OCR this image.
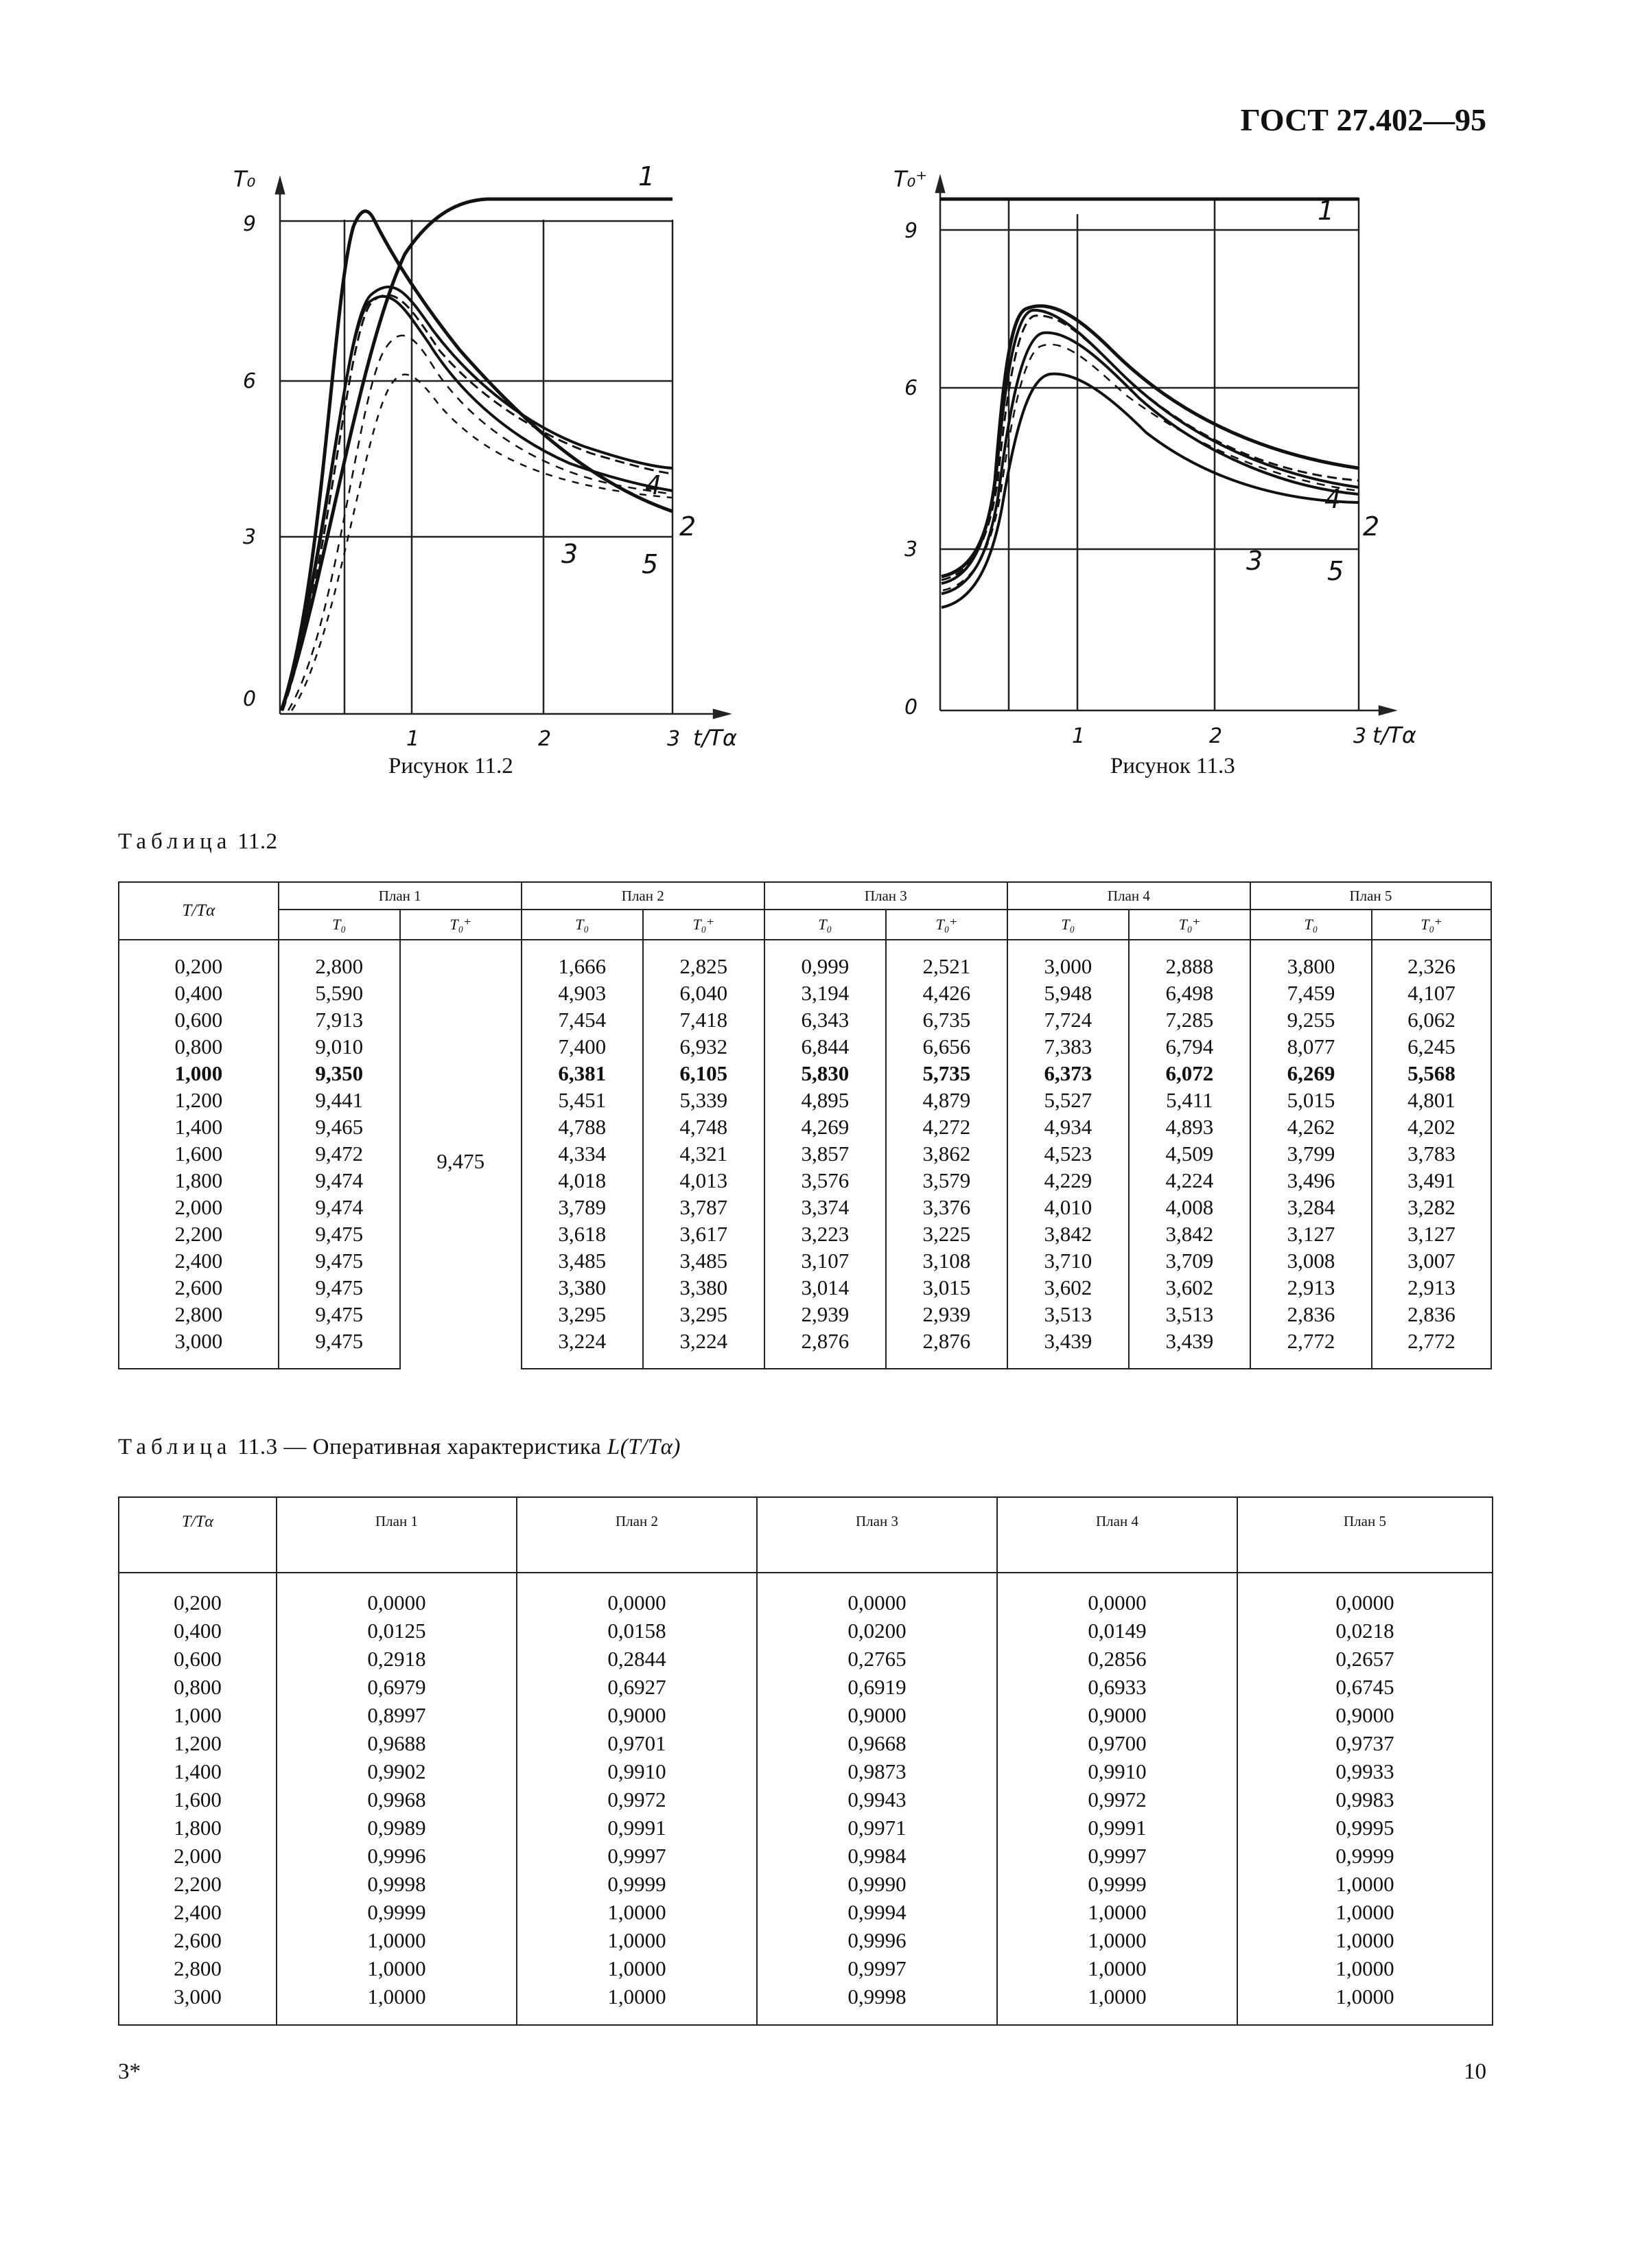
ГОСТ 27.402—95
T₀
9
6
3
0
1	2	3 t/Tα
1
2
3
4
5
Рисунок 11.2
T₀⁺
9
6
3
0
1	2	3 t/Tα
1
2
3
4
5
Рисунок 11.3
Таблица 11.2
T/Tα	План 1		План 2		План 3		План 4		План 5	
	T₀	T₀⁺	T₀	T₀⁺	T₀	T₀⁺	T₀	T₀⁺	T₀	T₀⁺
0,200	2,800	9,475	1,666	2,825	0,999	2,521	3,000	2,888	3,800	2,326
0,400	5,590		4,903	6,040	3,194	4,426	5,948	6,498	7,459	4,107
0,600	7,913		7,454	7,418	6,343	6,735	7,724	7,285	9,255	6,062
0,800	9,010		7,400	6,932	6,844	6,656	7,383	6,794	8,077	6,245
1,000	9,350		6,381	6,105	5,830	5,735	6,373	6,072	6,269	5,568
1,200	9,441		5,451	5,339	4,895	4,879	5,527	5,411	5,015	4,801
1,400	9,465		4,788	4,748	4,269	4,272	4,934	4,893	4,262	4,202
1,600	9,472		4,334	4,321	3,857	3,862	4,523	4,509	3,799	3,783
1,800	9,474		4,018	4,013	3,576	3,579	4,229	4,224	3,496	3,491
2,000	9,474		3,789	3,787	3,374	3,376	4,010	4,008	3,284	3,282
2,200	9,475		3,618	3,617	3,223	3,225	3,842	3,842	3,127	3,127
2,400	9,475		3,485	3,485	3,107	3,108	3,710	3,709	3,008	3,007
2,600	9,475		3,380	3,380	3,014	3,015	3,602	3,602	2,913	2,913
2,800	9,475		3,295	3,295	2,939	2,939	3,513	3,513	2,836	2,836
3,000	9,475		3,224	3,224	2,876	2,876	3,439	3,439	2,772	2,772
Таблица 11.3 — Оперативная характеристика L(T/Tα)
T/Tα	План 1	План 2	План 3	План 4	План 5
0,200	0,0000	0,0000	0,0000	0,0000	0,0000
0,400	0,0125	0,0158	0,0200	0,0149	0,0218
0,600	0,2918	0,2844	0,2765	0,2856	0,2657
0,800	0,6979	0,6927	0,6919	0,6933	0,6745
1,000	0,8997	0,9000	0,9000	0,9000	0,9000
1,200	0,9688	0,9701	0,9668	0,9700	0,9737
1,400	0,9902	0,9910	0,9873	0,9910	0,9933
1,600	0,9968	0,9972	0,9943	0,9972	0,9983
1,800	0,9989	0,9991	0,9971	0,9991	0,9995
2,000	0,9996	0,9997	0,9984	0,9997	0,9999
2,200	0,9998	0,9999	0,9990	0,9999	1,0000
2,400	0,9999	1,0000	0,9994	1,0000	1,0000
2,600	1,0000	1,0000	0,9996	1,0000	1,0000
2,800	1,0000	1,0000	0,9997	1,0000	1,0000
3,000	1,0000	1,0000	0,9998	1,0000	1,0000
3*	10
